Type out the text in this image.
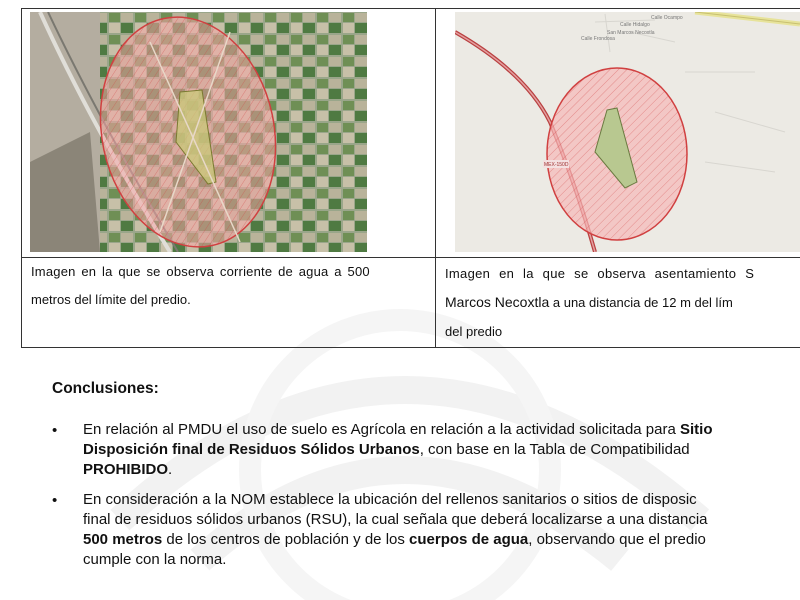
Calle Ocampo
Calle Frondosa
San Marcos Necoxtla
Calle Hidalgo
MEX-150D
Imagen en la que se observa corriente de agua a 500
metros del límite del predio.
Imagen en la que se observa asentamiento S
Marcos Necoxtla a una distancia de 12 m del lím
del predio
Conclusiones:
• En relación al PMDU el uso de suelo es Agrícola en relación a la actividad solicitada para Sitio
Disposición final de Residuos Sólidos Urbanos, con base en la Tabla de Compatibilidad
PROHIBIDO.
• En consideración a la NOM establece la ubicación del rellenos sanitarios o sitios de disposic
final de residuos sólidos urbanos (RSU), la cual señala que deberá localizarse a una distancia
500 metros de los centros de población y de los cuerpos de agua, observando que el predio
cumple con la norma.
